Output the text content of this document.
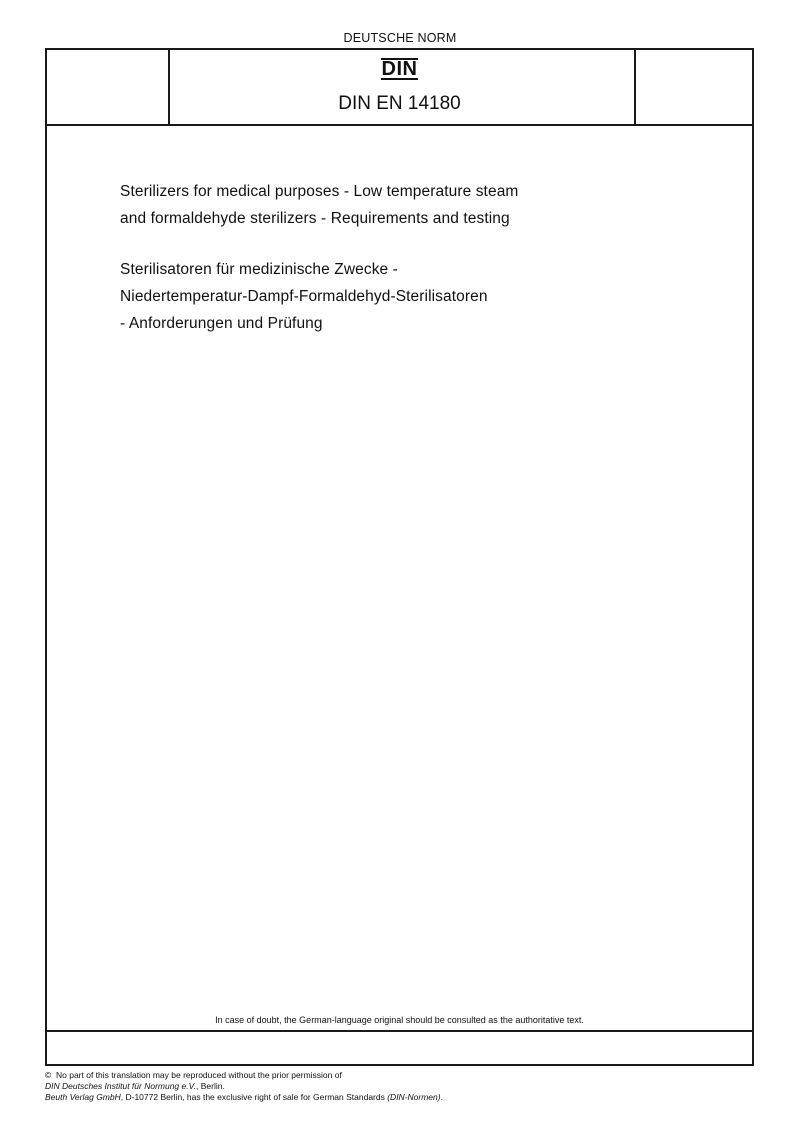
DEUTSCHE NORM
DIN
DIN EN 14180
Sterilizers for medical purposes - Low temperature steam
and formaldehyde sterilizers - Requirements and testing
Sterilisatoren für medizinische Zwecke -
Niedertemperatur-Dampf-Formaldehyd-Sterilisatoren
- Anforderungen und Prüfung
In case of doubt, the German-language original should be consulted as the authoritative text.
© No part of this translation may be reproduced without the prior permission of
DIN Deutsches Institut für Normung e.V., Berlin.
Beuth Verlag GmbH, D-10772 Berlin, has the exclusive right of sale for German Standards (DIN-Normen).
